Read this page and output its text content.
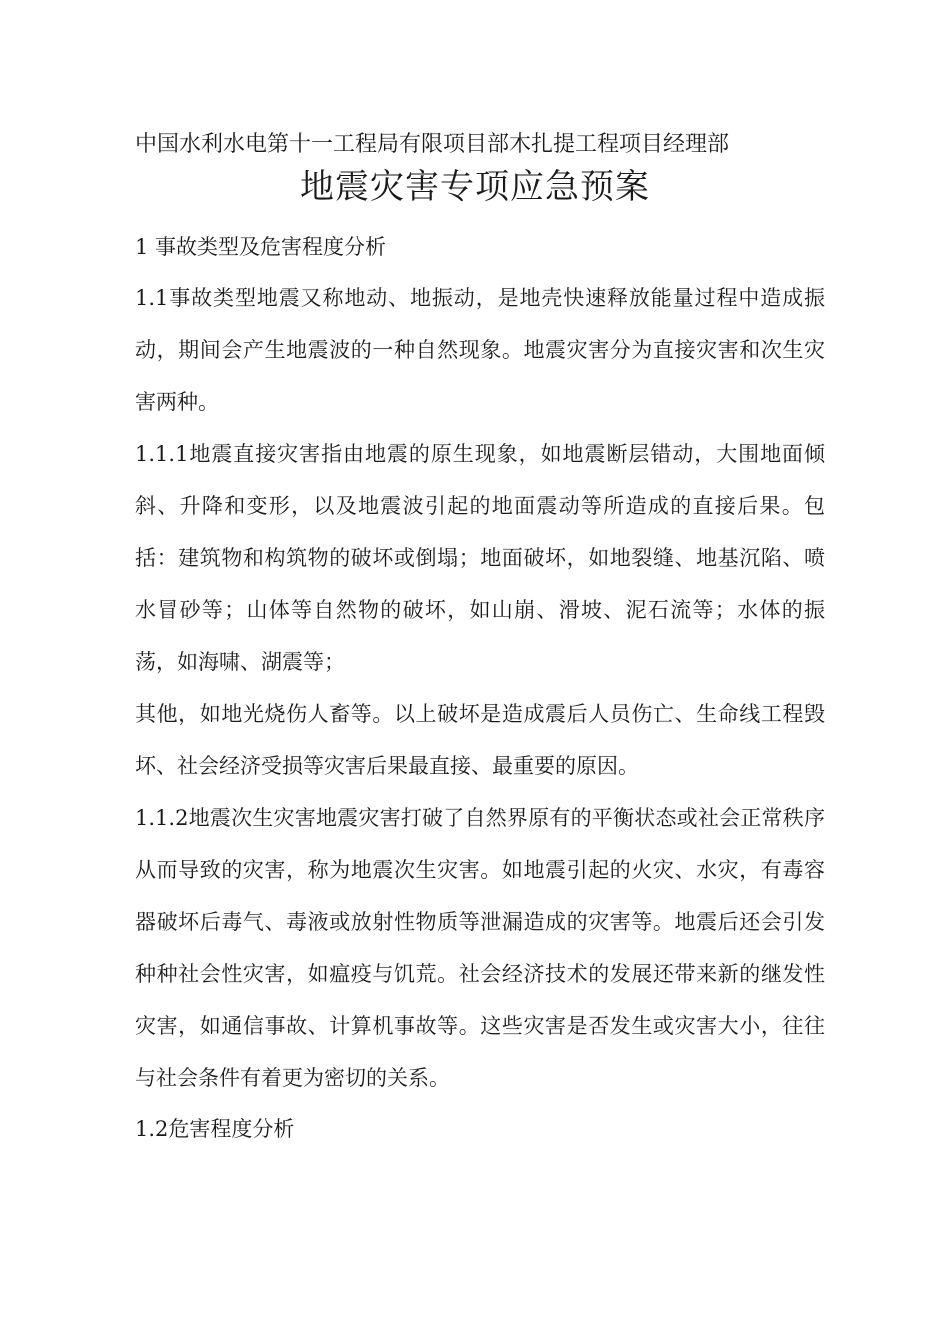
中国水利水电第十一工程局有限项目部木扎提工程项目经理部
地震灾害专项应急预案
1 事故类型及危害程度分析
1.1事故类型地震又称地动、地振动，是地壳快速释放能量过程中造成振动，期间会产生地震波的一种自然现象。地震灾害分为直接灾害和次生灾害两种。
1.1.1地震直接灾害指由地震的原生现象，如地震断层错动，大围地面倾斜、升降和变形，以及地震波引起的地面震动等所造成的直接后果。包括：建筑物和构筑物的破坏或倒塌；地面破坏，如地裂缝、地基沉陷、喷水冒砂等；山体等自然物的破坏，如山崩、滑坡、泥石流等；水体的振荡，如海啸、湖震等；
其他，如地光烧伤人畜等。以上破坏是造成震后人员伤亡、生命线工程毁坏、社会经济受损等灾害后果最直接、最重要的原因。
1.1.2地震次生灾害地震灾害打破了自然界原有的平衡状态或社会正常秩序从而导致的灾害，称为地震次生灾害。如地震引起的火灾、水灾，有毒容器破坏后毒气、毒液或放射性物质等泄漏造成的灾害等。地震后还会引发种种社会性灾害，如瘟疫与饥荒。社会经济技术的发展还带来新的继发性灾害，如通信事故、计算机事故等。这些灾害是否发生或灾害大小，往往与社会条件有着更为密切的关系。
1.2危害程度分析
